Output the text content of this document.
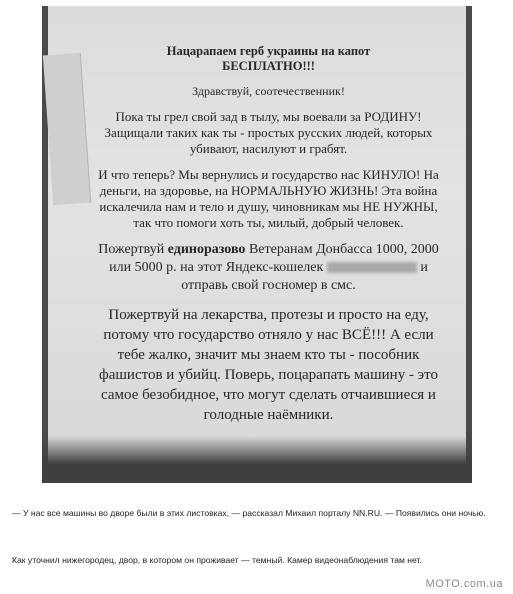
Нацарапаем герб украины на капот
БЕСПЛАТНО!!!
Здравствуй, соотечественник!
Пока ты грел свой зад в тылу, мы воевали за РОДИНУ! Защищали таких как ты - простых русских людей, которых убивают, насилуют и грабят.
И что теперь? Мы вернулись и государство нас КИНУЛО! На деньги, на здоровье, на НОРМАЛЬНУЮ ЖИЗНЬ! Эта война искалечила нам и тело и душу, чиновникам мы НЕ НУЖНЫ, так что помоги хоть ты, милый, добрый человек.
Пожертвуй единоразово Ветеранам Донбасса 1000, 2000 или 5000 р. на этот Яндекс-кошелек	и отправь свой госномер в смс.
Пожертвуй на лекарства, протезы и просто на еду, потому что государство отняло у нас ВСЁ!!! А если тебе жалко, значит мы знаем кто ты - пособник фашистов и убийц. Поверь, поцарапать машину - это самое безобидное, что могут сделать отчаившиеся и голодные наёмники.
— У нас все машины во дворе были в этих листовках, — рассказал Михаил порталу NN.RU. — Появились они ночью.
Как уточнил нижегородец, двор, в котором он проживает — темный. Камер видеонаблюдения там нет.
MOTO.com.ua
